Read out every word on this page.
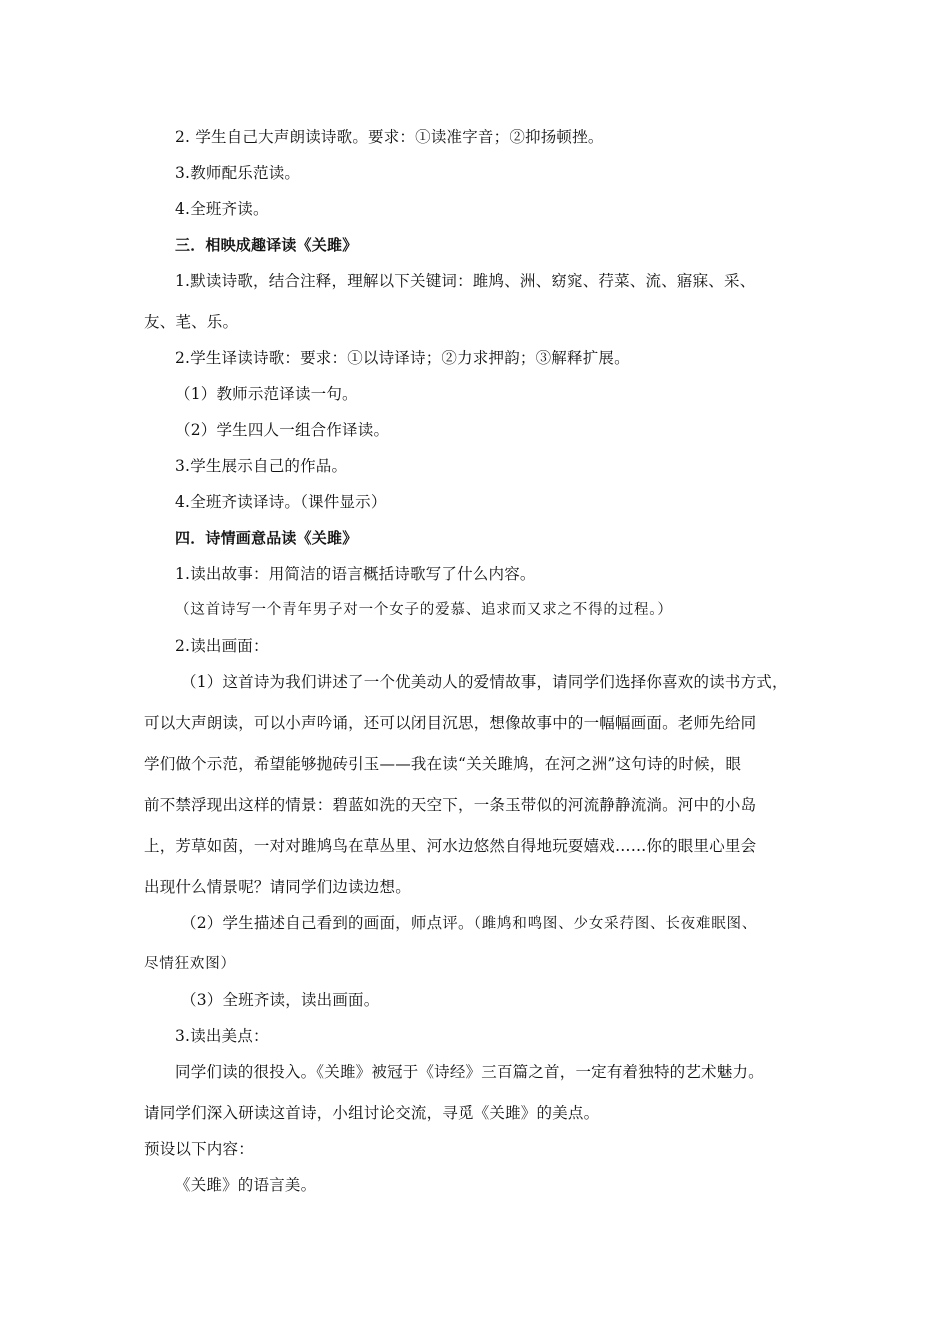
2. 学生自己大声朗读诗歌。要求：①读准字音；②抑扬顿挫。
3.教师配乐范读。
4.全班齐读。
三．相映成趣译读《关雎》
1.默读诗歌，结合注释，理解以下关键词：雎鸠、洲、窈窕、荇菜、流、寤寐、采、
友、芼、乐。
2.学生译读诗歌：要求：①以诗译诗；②力求押韵；③解释扩展。
（1）教师示范译读一句。
（2）学生四人一组合作译读。
3.学生展示自己的作品。
4.全班齐读译诗。（课件显示）
四．诗情画意品读《关雎》
1.读出故事：用简洁的语言概括诗歌写了什么内容。
（这首诗写一个青年男子对一个女子的爱慕、追求而又求之不得的过程。）
2.读出画面：
（1）这首诗为我们讲述了一个优美动人的爱情故事，请同学们选择你喜欢的读书方式，
可以大声朗读，可以小声吟诵，还可以闭目沉思，想像故事中的一幅幅画面。老师先给同
学们做个示范，希望能够抛砖引玉——我在读“关关雎鸠，在河之洲”这句诗的时候，眼
前不禁浮现出这样的情景：碧蓝如洗的天空下，一条玉带似的河流静静流淌。河中的小岛
上，芳草如茵，一对对雎鸠鸟在草丛里、河水边悠然自得地玩耍嬉戏……你的眼里心里会
出现什么情景呢？请同学们边读边想。
（2）学生描述自己看到的画面，师点评。（雎鸠和鸣图、少女采荇图、长夜难眠图、
尽情狂欢图）
（3）全班齐读，读出画面。
3.读出美点：
同学们读的很投入。《关雎》被冠于《诗经》三百篇之首，一定有着独特的艺术魅力。
请同学们深入研读这首诗，小组讨论交流，寻觅《关雎》的美点。
预设以下内容：
《关雎》的语言美。
